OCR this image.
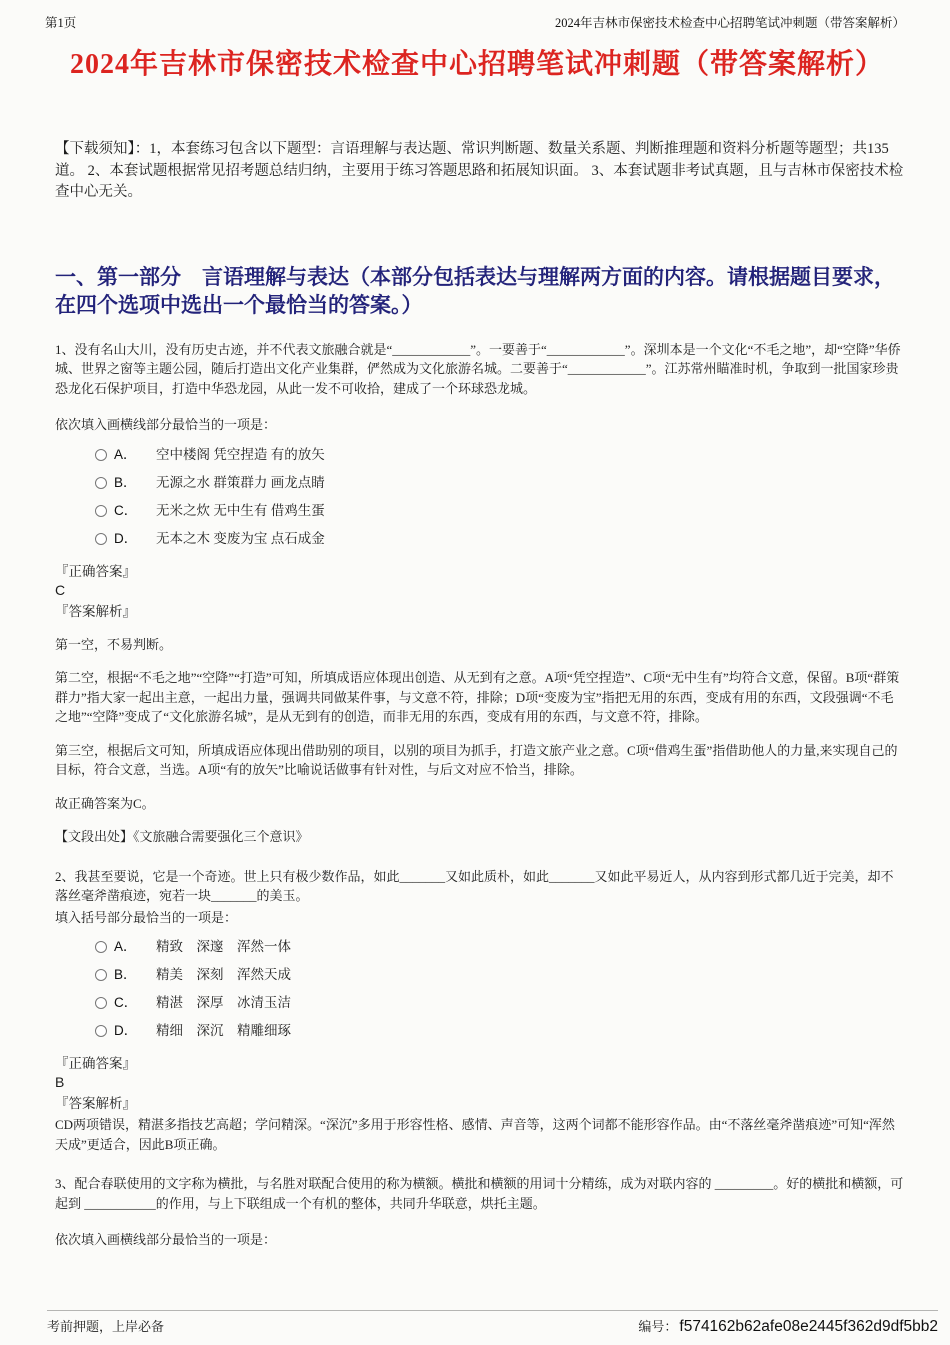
第1页	2024年吉林市保密技术检查中心招聘笔试冲刺题（带答案解析）
2024年吉林市保密技术检查中心招聘笔试冲刺题（带答案解析）

【下载须知】：1，本套练习包含以下题型：言语理解与表达题、常识判断题、数量关系题、判断推理题和资料分析题等题型；共135道。 2、本套试题根据常见招考题总结归纳，主要用于练习答题思路和拓展知识面。 3、本套试题非考试真题，且与吉林市保密技术检查中心无关。

一、第一部分　言语理解与表达（本部分包括表达与理解两方面的内容。请根据题目要求，在四个选项中选出一个最恰当的答案。）

1、没有名山大川，没有历史古迹，并不代表文旅融合就是“____________”。一要善于“____________”。深圳本是一个文化“不毛之地”，却“空降”华侨城、世界之窗等主题公园，随后打造出文化产业集群，俨然成为文化旅游名城。二要善于“____________”。江苏常州瞄准时机，争取到一批国家珍贵恐龙化石保护项目，打造中华恐龙园，从此一发不可收拾，建成了一个环球恐龙城。

依次填入画横线部分最恰当的一项是：

A． 空中楼阁 凭空捏造 有的放矢
B． 无源之水 群策群力 画龙点睛
C． 无米之炊 无中生有 借鸡生蛋
D． 无本之木 变废为宝 点石成金

『正确答案』

C

『答案解析』

第一空，不易判断。

第二空，根据“不毛之地”“空降”“打造”可知，所填成语应体现出创造、从无到有之意。A项“凭空捏造”、C项“无中生有”均符合文意，保留。B项“群策群力”指大家一起出主意，一起出力量，强调共同做某件事，与文意不符，排除；D项“变废为宝”指把无用的东西，变成有用的东西，文段强调“不毛之地”“空降”变成了“文化旅游名城”，是从无到有的创造，而非无用的东西，变成有用的东西，与文意不符，排除。

第三空，根据后文可知，所填成语应体现出借助别的项目，以别的项目为抓手，打造文旅产业之意。C项“借鸡生蛋”指借助他人的力量,来实现自己的目标，符合文意，当选。A项“有的放矢”比喻说话做事有针对性，与后文对应不恰当，排除。

故正确答案为C。

【文段出处】《文旅融合需要强化三个意识》

2、我甚至要说，它是一个奇迹。世上只有极少数作品，如此_______又如此质朴，如此_______又如此平易近人，从内容到形式都几近于完美，却不落丝毫斧凿痕迹，宛若一块_______的美玉。

填入括号部分最恰当的一项是：

A． 精致　深邃　浑然一体
B． 精美　深刻　浑然天成
C． 精湛　深厚　冰清玉洁
D． 精细　深沉　精雕细琢

『正确答案』

B

『答案解析』

CD两项错误，精湛多指技艺高超；学问精深。“深沉”多用于形容性格、感情、声音等，这两个词都不能形容作品。由“不落丝毫斧凿痕迹”可知“浑然天成”更适合，因此B项正确。

3、配合春联使用的文字称为横批，与名胜对联配合使用的称为横额。横批和横额的用词十分精练，成为对联内容的 _________。好的横批和横额，可起到 ___________的作用，与上下联组成一个有机的整体，共同升华联意，烘托主题。

依次填入画横线部分最恰当的一项是：

考前押题，上岸必备	编号： f574162b62afe08e2445f362d9df5bb2
